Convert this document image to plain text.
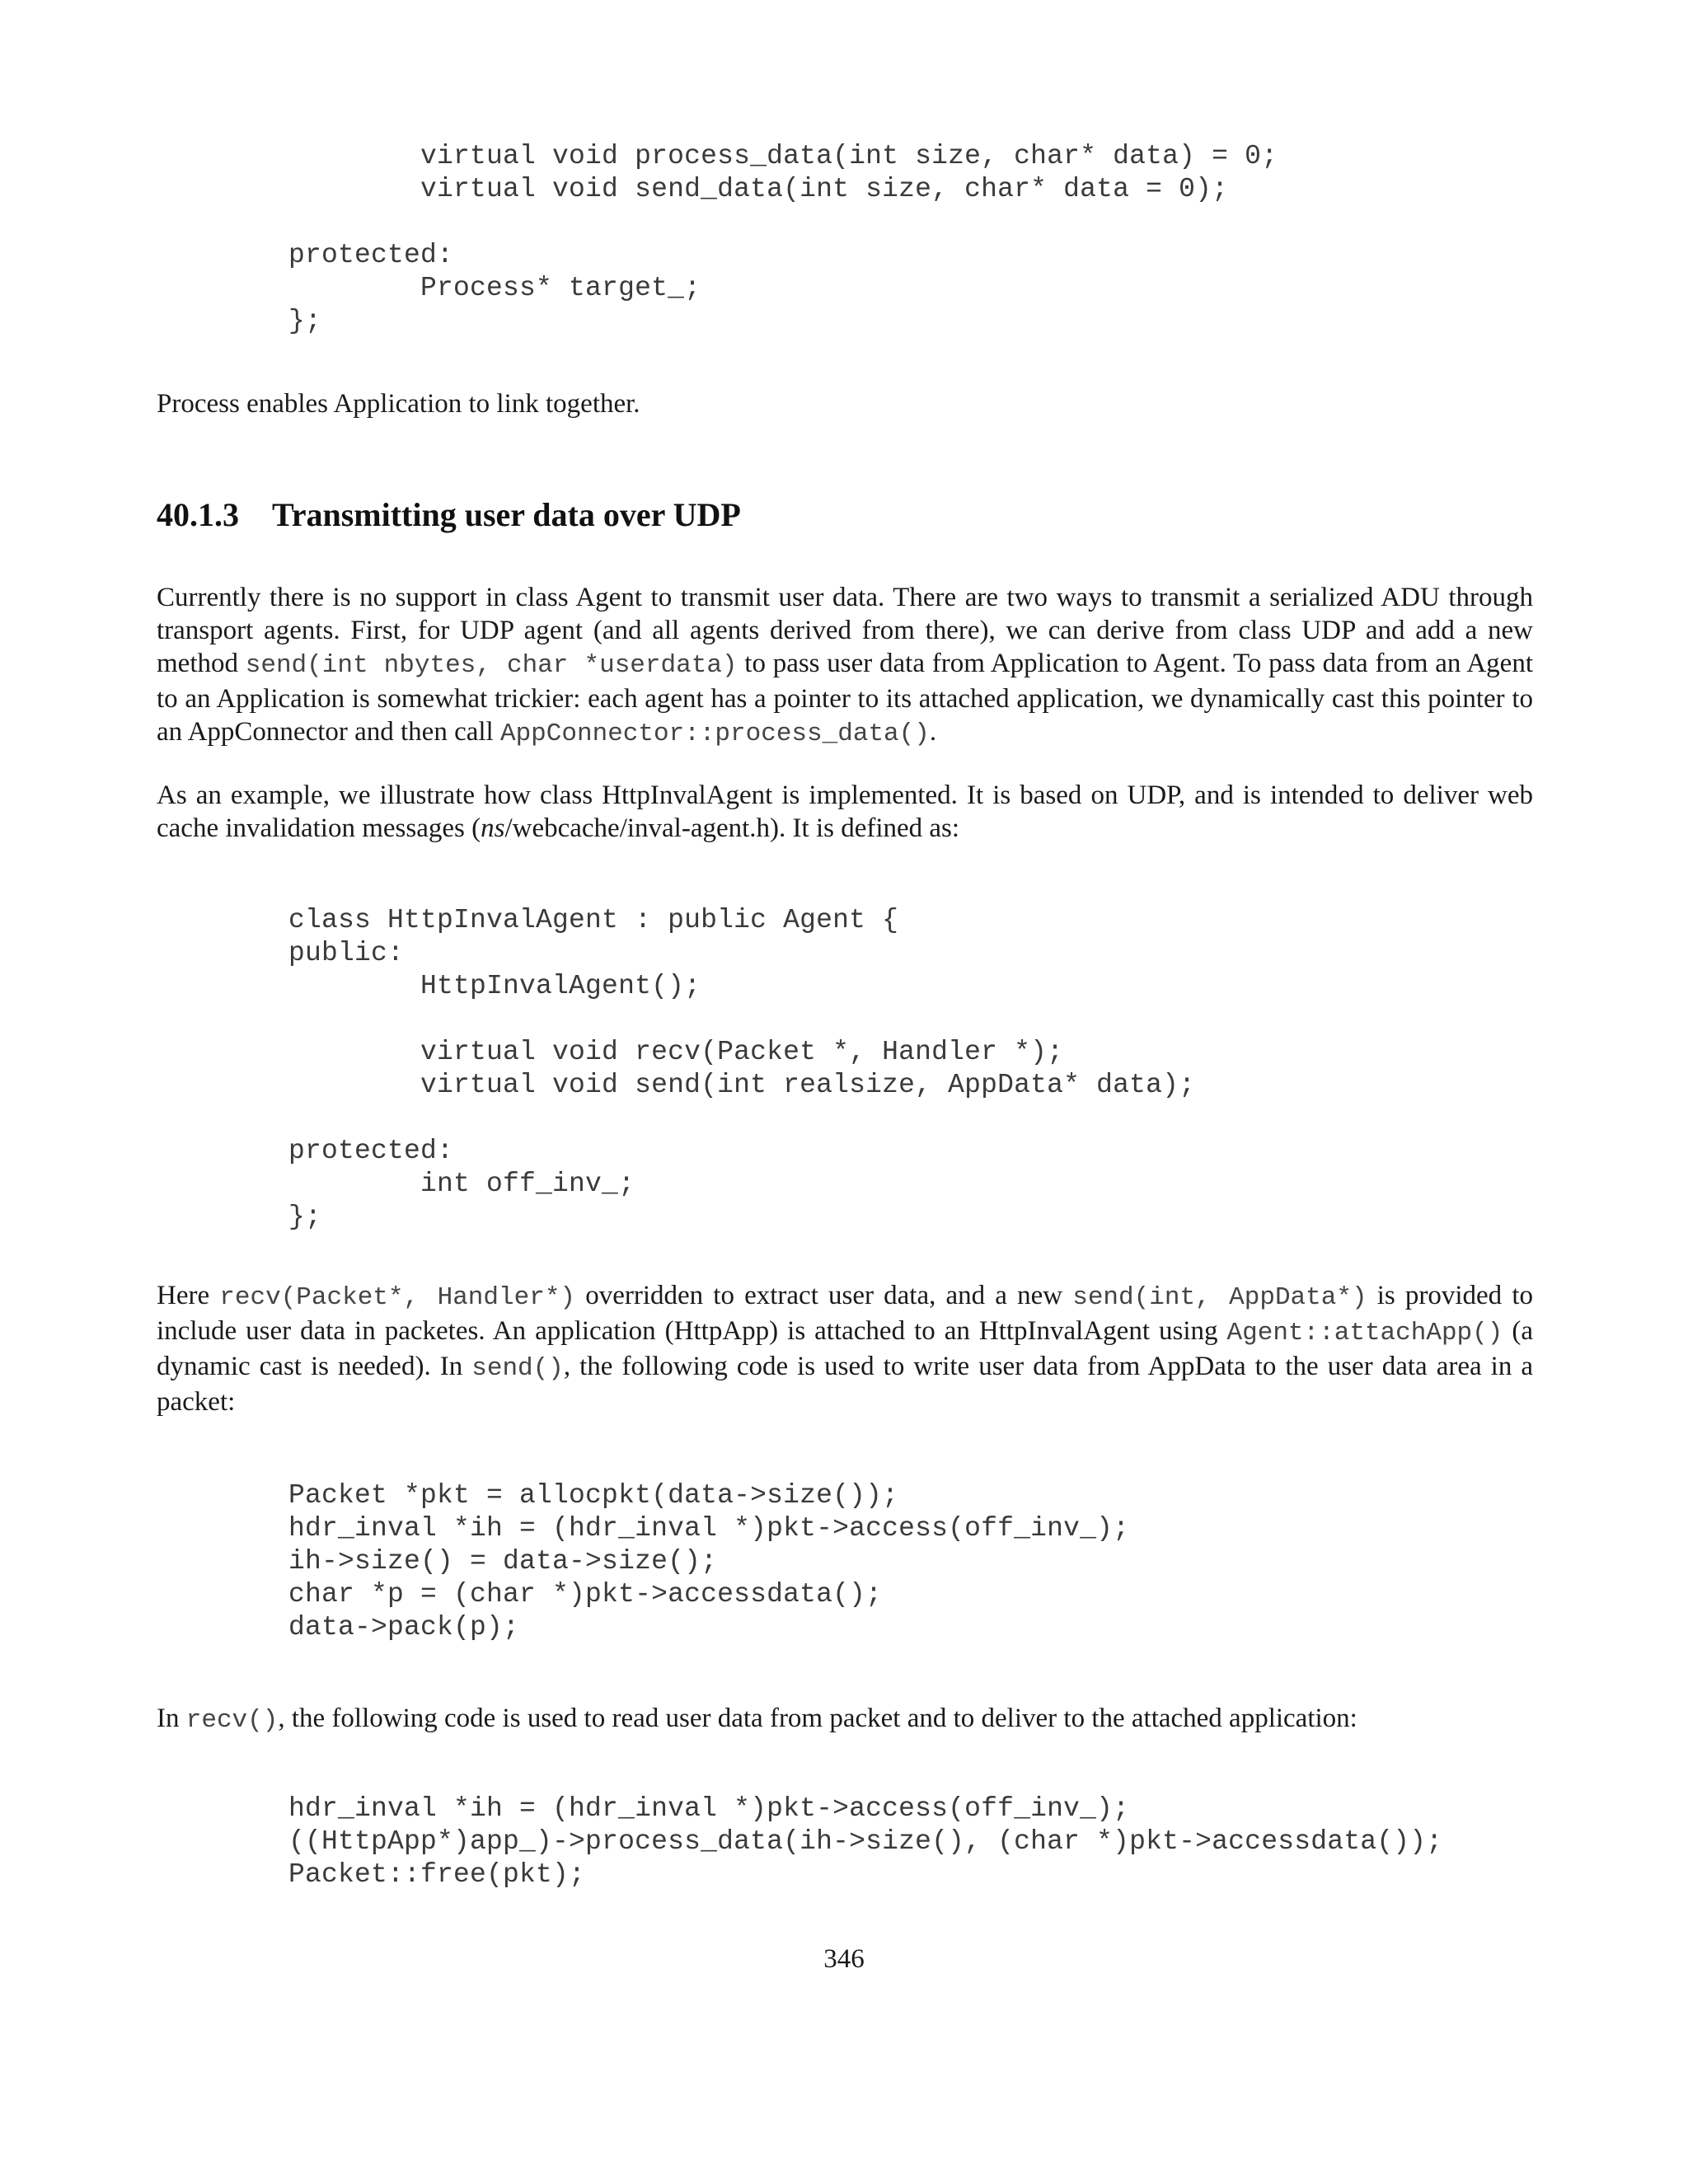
virtual void process_data(int size, char* data) = 0;
virtual void send_data(int size, char* data = 0);

protected:
Process* target_;
};

Process enables Application to link together.

40.1.3 Transmitting user data over UDP

Currently there is no support in class Agent to transmit user data. There are two ways to transmit a serialized ADU through transport agents. First, for UDP agent (and all agents derived from there), we can derive from class UDP and add a new method send(int nbytes, char *userdata) to pass user data from Application to Agent. To pass data from an Agent to an Application is somewhat trickier: each agent has a pointer to its attached application, we dynamically cast this pointer to an AppConnector and then call AppConnector::process_data().

As an example, we illustrate how class HttpInvalAgent is implemented. It is based on UDP, and is intended to deliver web cache invalidation messages (ns/webcache/inval-agent.h). It is defined as:

class HttpInvalAgent : public Agent {
public:
HttpInvalAgent();

virtual void recv(Packet *, Handler *);
virtual void send(int realsize, AppData* data);

protected:
int off_inv_;
};

Here recv(Packet*, Handler*) overridden to extract user data, and a new send(int, AppData*) is provided to include user data in packetes. An application (HttpApp) is attached to an HttpInvalAgent using Agent::attachApp() (a dynamic cast is needed). In send(), the following code is used to write user data from AppData to the user data area in a packet:

Packet *pkt = allocpkt(data->size());
hdr_inval *ih = (hdr_inval *)pkt->access(off_inv_);
ih->size() = data->size();
char *p = (char *)pkt->accessdata();
data->pack(p);

In recv(), the following code is used to read user data from packet and to deliver to the attached application:

hdr_inval *ih = (hdr_inval *)pkt->access(off_inv_);
((HttpApp*)app_)->process_data(ih->size(), (char *)pkt->accessdata());
Packet::free(pkt);
346
